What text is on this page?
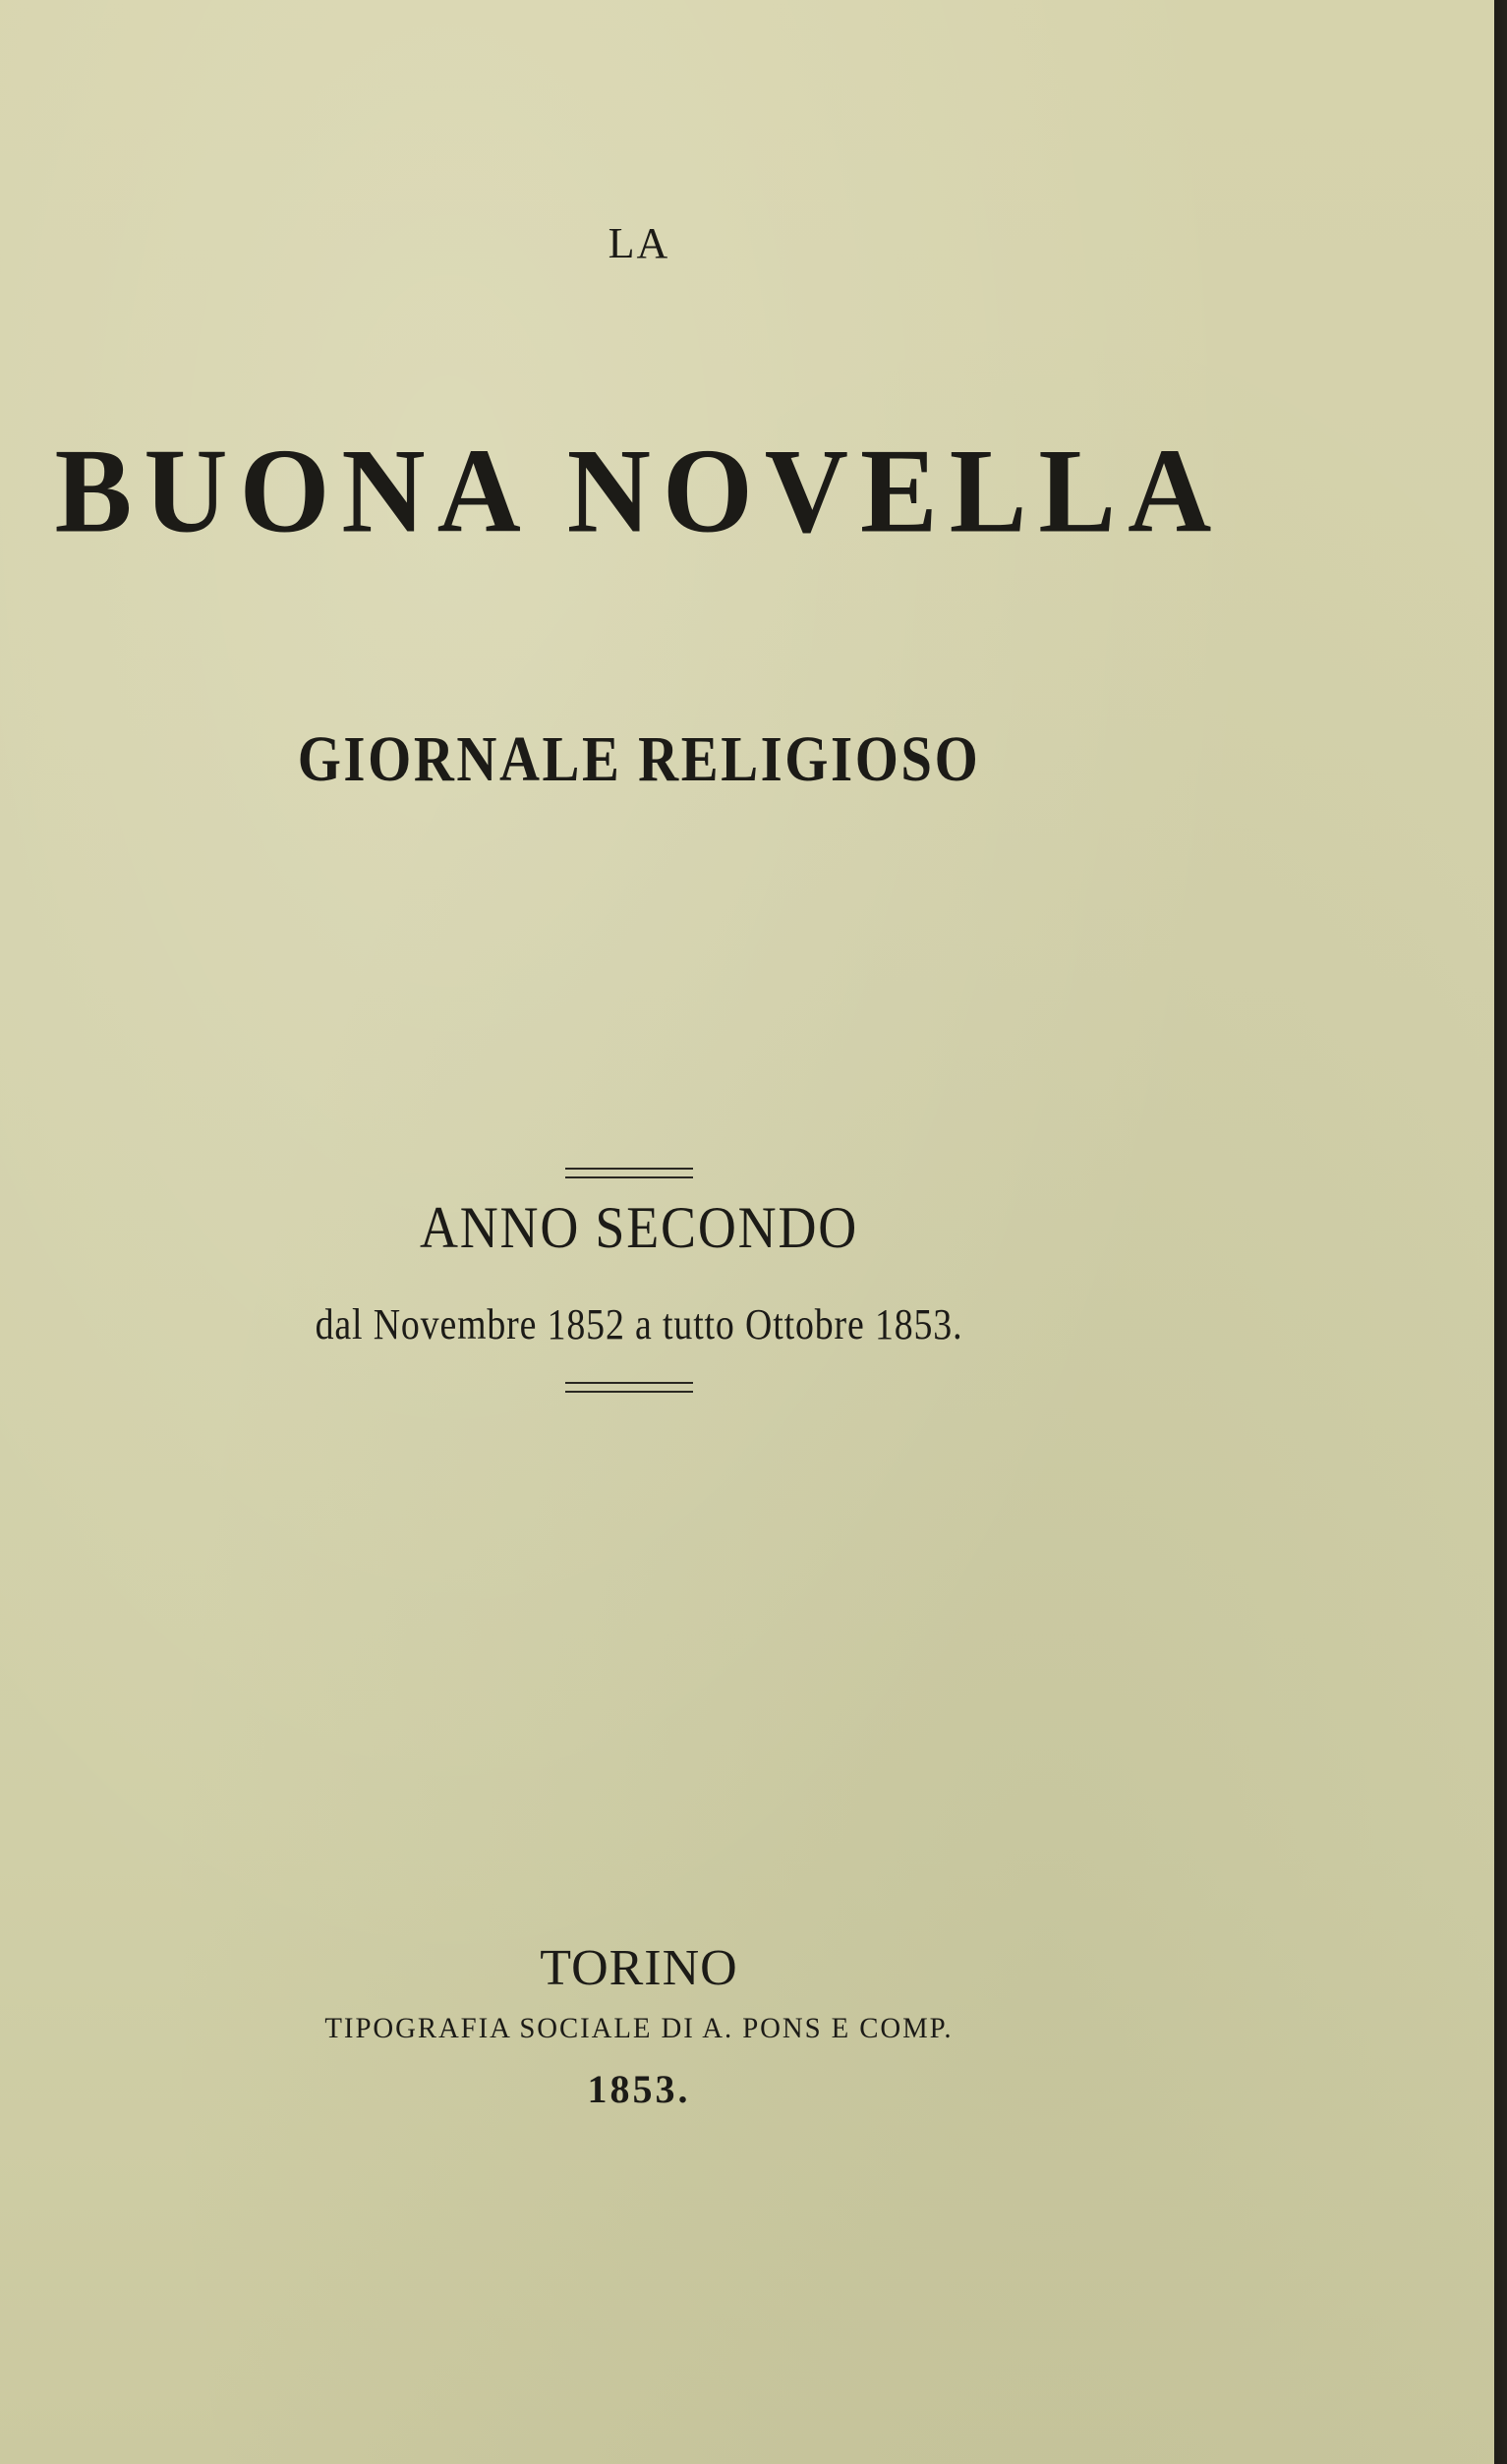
LA
BUONA NOVELLA
GIORNALE RELIGIOSO
ANNO SECONDO
dal Novembre 1852 a tutto Ottobre 1853.
TORINO
TIPOGRAFIA SOCIALE DI A. PONS E COMP.
1853.
